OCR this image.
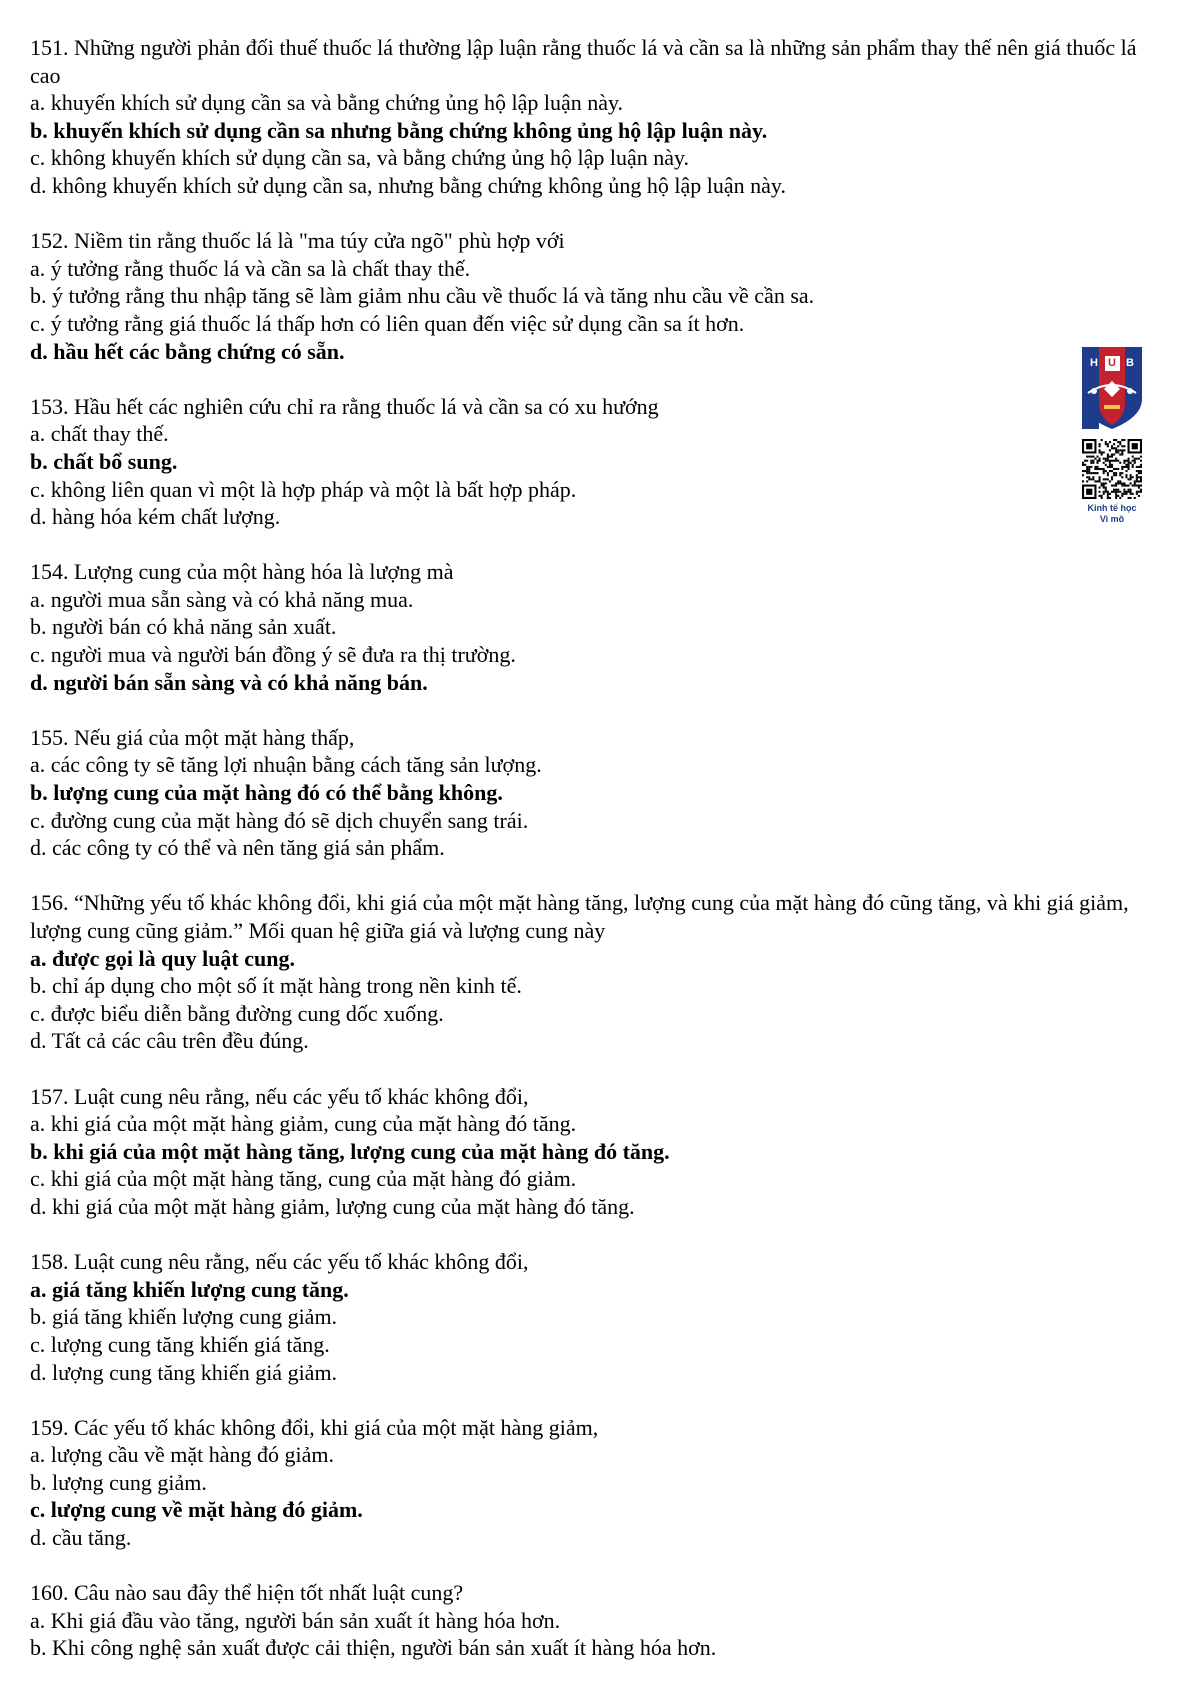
151. Những người phản đối thuế thuốc lá thường lập luận rằng thuốc lá và cần sa là những sản phẩm thay thế nên giá thuốc lá cao
a. khuyến khích sử dụng cần sa và bằng chứng ủng hộ lập luận này.
b. khuyến khích sử dụng cần sa nhưng bằng chứng không ủng hộ lập luận này.
c. không khuyến khích sử dụng cần sa, và bằng chứng ủng hộ lập luận này.
d. không khuyến khích sử dụng cần sa, nhưng bằng chứng không ủng hộ lập luận này.
152. Niềm tin rằng thuốc lá là "ma túy cửa ngõ" phù hợp với
a. ý tưởng rằng thuốc lá và cần sa là chất thay thế.
b. ý tưởng rằng thu nhập tăng sẽ làm giảm nhu cầu về thuốc lá và tăng nhu cầu về cần sa.
c. ý tưởng rằng giá thuốc lá thấp hơn có liên quan đến việc sử dụng cần sa ít hơn.
d. hầu hết các bằng chứng có sẵn.
153. Hầu hết các nghiên cứu chỉ ra rằng thuốc lá và cần sa có xu hướng
a. chất thay thế.
b. chất bổ sung.
c. không liên quan vì một là hợp pháp và một là bất hợp pháp.
d. hàng hóa kém chất lượng.
154. Lượng cung của một hàng hóa là lượng mà
a. người mua sẵn sàng và có khả năng mua.
b. người bán có khả năng sản xuất.
c. người mua và người bán đồng ý sẽ đưa ra thị trường.
d. người bán sẵn sàng và có khả năng bán.
155. Nếu giá của một mặt hàng thấp,
a. các công ty sẽ tăng lợi nhuận bằng cách tăng sản lượng.
b. lượng cung của mặt hàng đó có thể bằng không.
c. đường cung của mặt hàng đó sẽ dịch chuyển sang trái.
d. các công ty có thể và nên tăng giá sản phẩm.
156. “Những yếu tố khác không đổi, khi giá của một mặt hàng tăng, lượng cung của mặt hàng đó cũng tăng, và khi giá giảm, lượng cung cũng giảm.” Mối quan hệ giữa giá và lượng cung này
a. được gọi là quy luật cung.
b. chỉ áp dụng cho một số ít mặt hàng trong nền kinh tế.
c. được biểu diễn bằng đường cung dốc xuống.
d. Tất cả các câu trên đều đúng.
157. Luật cung nêu rằng, nếu các yếu tố khác không đổi,
a. khi giá của một mặt hàng giảm, cung của mặt hàng đó tăng.
b. khi giá của một mặt hàng tăng, lượng cung của mặt hàng đó tăng.
c. khi giá của một mặt hàng tăng, cung của mặt hàng đó giảm.
d. khi giá của một mặt hàng giảm, lượng cung của mặt hàng đó tăng.
158. Luật cung nêu rằng, nếu các yếu tố khác không đổi,
a. giá tăng khiến lượng cung tăng.
b. giá tăng khiến lượng cung giảm.
c. lượng cung tăng khiến giá tăng.
d. lượng cung tăng khiến giá giảm.
159. Các yếu tố khác không đổi, khi giá của một mặt hàng giảm,
a. lượng cầu về mặt hàng đó giảm.
b. lượng cung giảm.
c. lượng cung về mặt hàng đó giảm.
d. cầu tăng.
160. Câu nào sau đây thể hiện tốt nhất luật cung?
a. Khi giá đầu vào tăng, người bán sản xuất ít hàng hóa hơn.
b. Khi công nghệ sản xuất được cải thiện, người bán sản xuất ít hàng hóa hơn.
H U B
Kinh tế học
Vi mô
